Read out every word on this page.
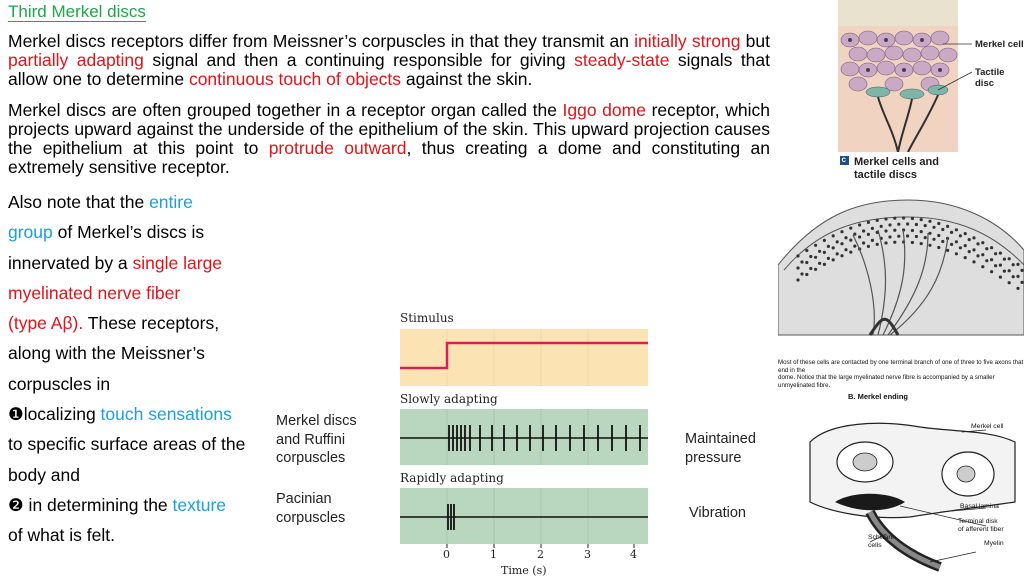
Third Merkel discs
Merkel discs receptors differ from Meissner’s corpuscles in that they transmit an initially strong but partially adapting signal and then a continuing responsible for giving steady-state signals that allow one to determine continuous touch of objects against the skin.
Merkel discs are often grouped together in a receptor organ called the Iggo dome receptor, which projects upward against the underside of the epithelium of the skin. This upward projection causes the epithelium at this point to protrude outward, thus creating a dome and constituting an extremely sensitive receptor.
Also note that the entire
group of Merkel’s discs is
innervated by a single large
myelinated nerve fiber
(type Aβ). These receptors,
along with the Meissner’s
corpuscles in
❶localizing touch sensations
to specific surface areas of the
body and
❷ in determining the texture
of what is felt.
Stimulus
Slowly adapting
Rapidly adapting
Merkel discs
and Ruffini
corpuscles
Pacinian
corpuscles
Maintained
pressure
Vibration
0	1	2	3	4
Time (s)
Merkel cell
Tactile disc
c Merkel cells and
tactile discs
Most of these cells are contacted by one terminal branch of one of three to five axons that end in the
dome. Notice that the large myelinated nerve fibre is accompanied by a smaller unmyelinated fibre.
B. Merkel ending
Merkel cell
Basal lamina
Terminal disk
of afferent fiber
Schwann
cells	Myelin
